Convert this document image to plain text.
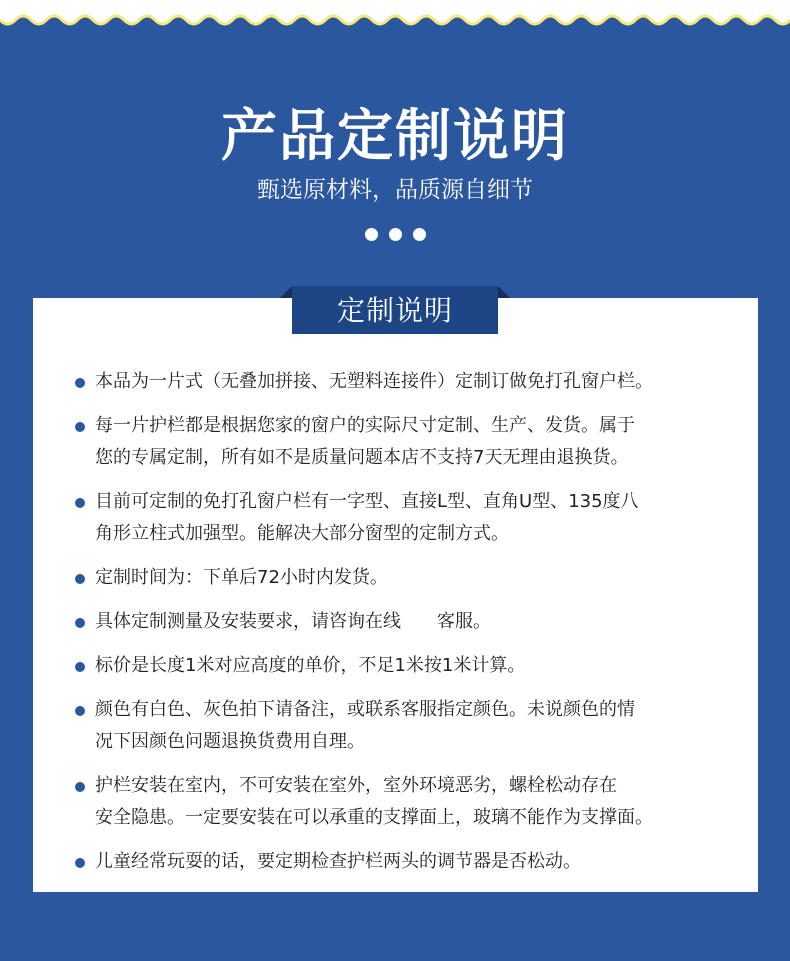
产品定制说明

甄选原材料，品质源自细节

定制说明
本品为一片式（无叠加拼接、无塑料连接件）定制订做免打孔窗户栏。
每一片护栏都是根据您家的窗户的实际尺寸定制、生产、发货。属于
您的专属定制，所有如不是质量问题本店不支持7天无理由退换货。
目前可定制的免打孔窗户栏有一字型、直接L型、直角U型、135度八
角形立柱式加强型。能解决大部分窗型的定制方式。
定制时间为：下单后72小时内发货。
具体定制测量及安装要求，请咨询在线　　客服。
标价是长度1米对应高度的单价，不足1米按1米计算。
颜色有白色、灰色拍下请备注，或联系客服指定颜色。未说颜色的情
况下因颜色问题退换货费用自理。
护栏安装在室内，不可安装在室外，室外环境恶劣，螺栓松动存在
安全隐患。一定要安装在可以承重的支撑面上，玻璃不能作为支撑面。
儿童经常玩耍的话，要定期检查护栏两头的调节器是否松动。
